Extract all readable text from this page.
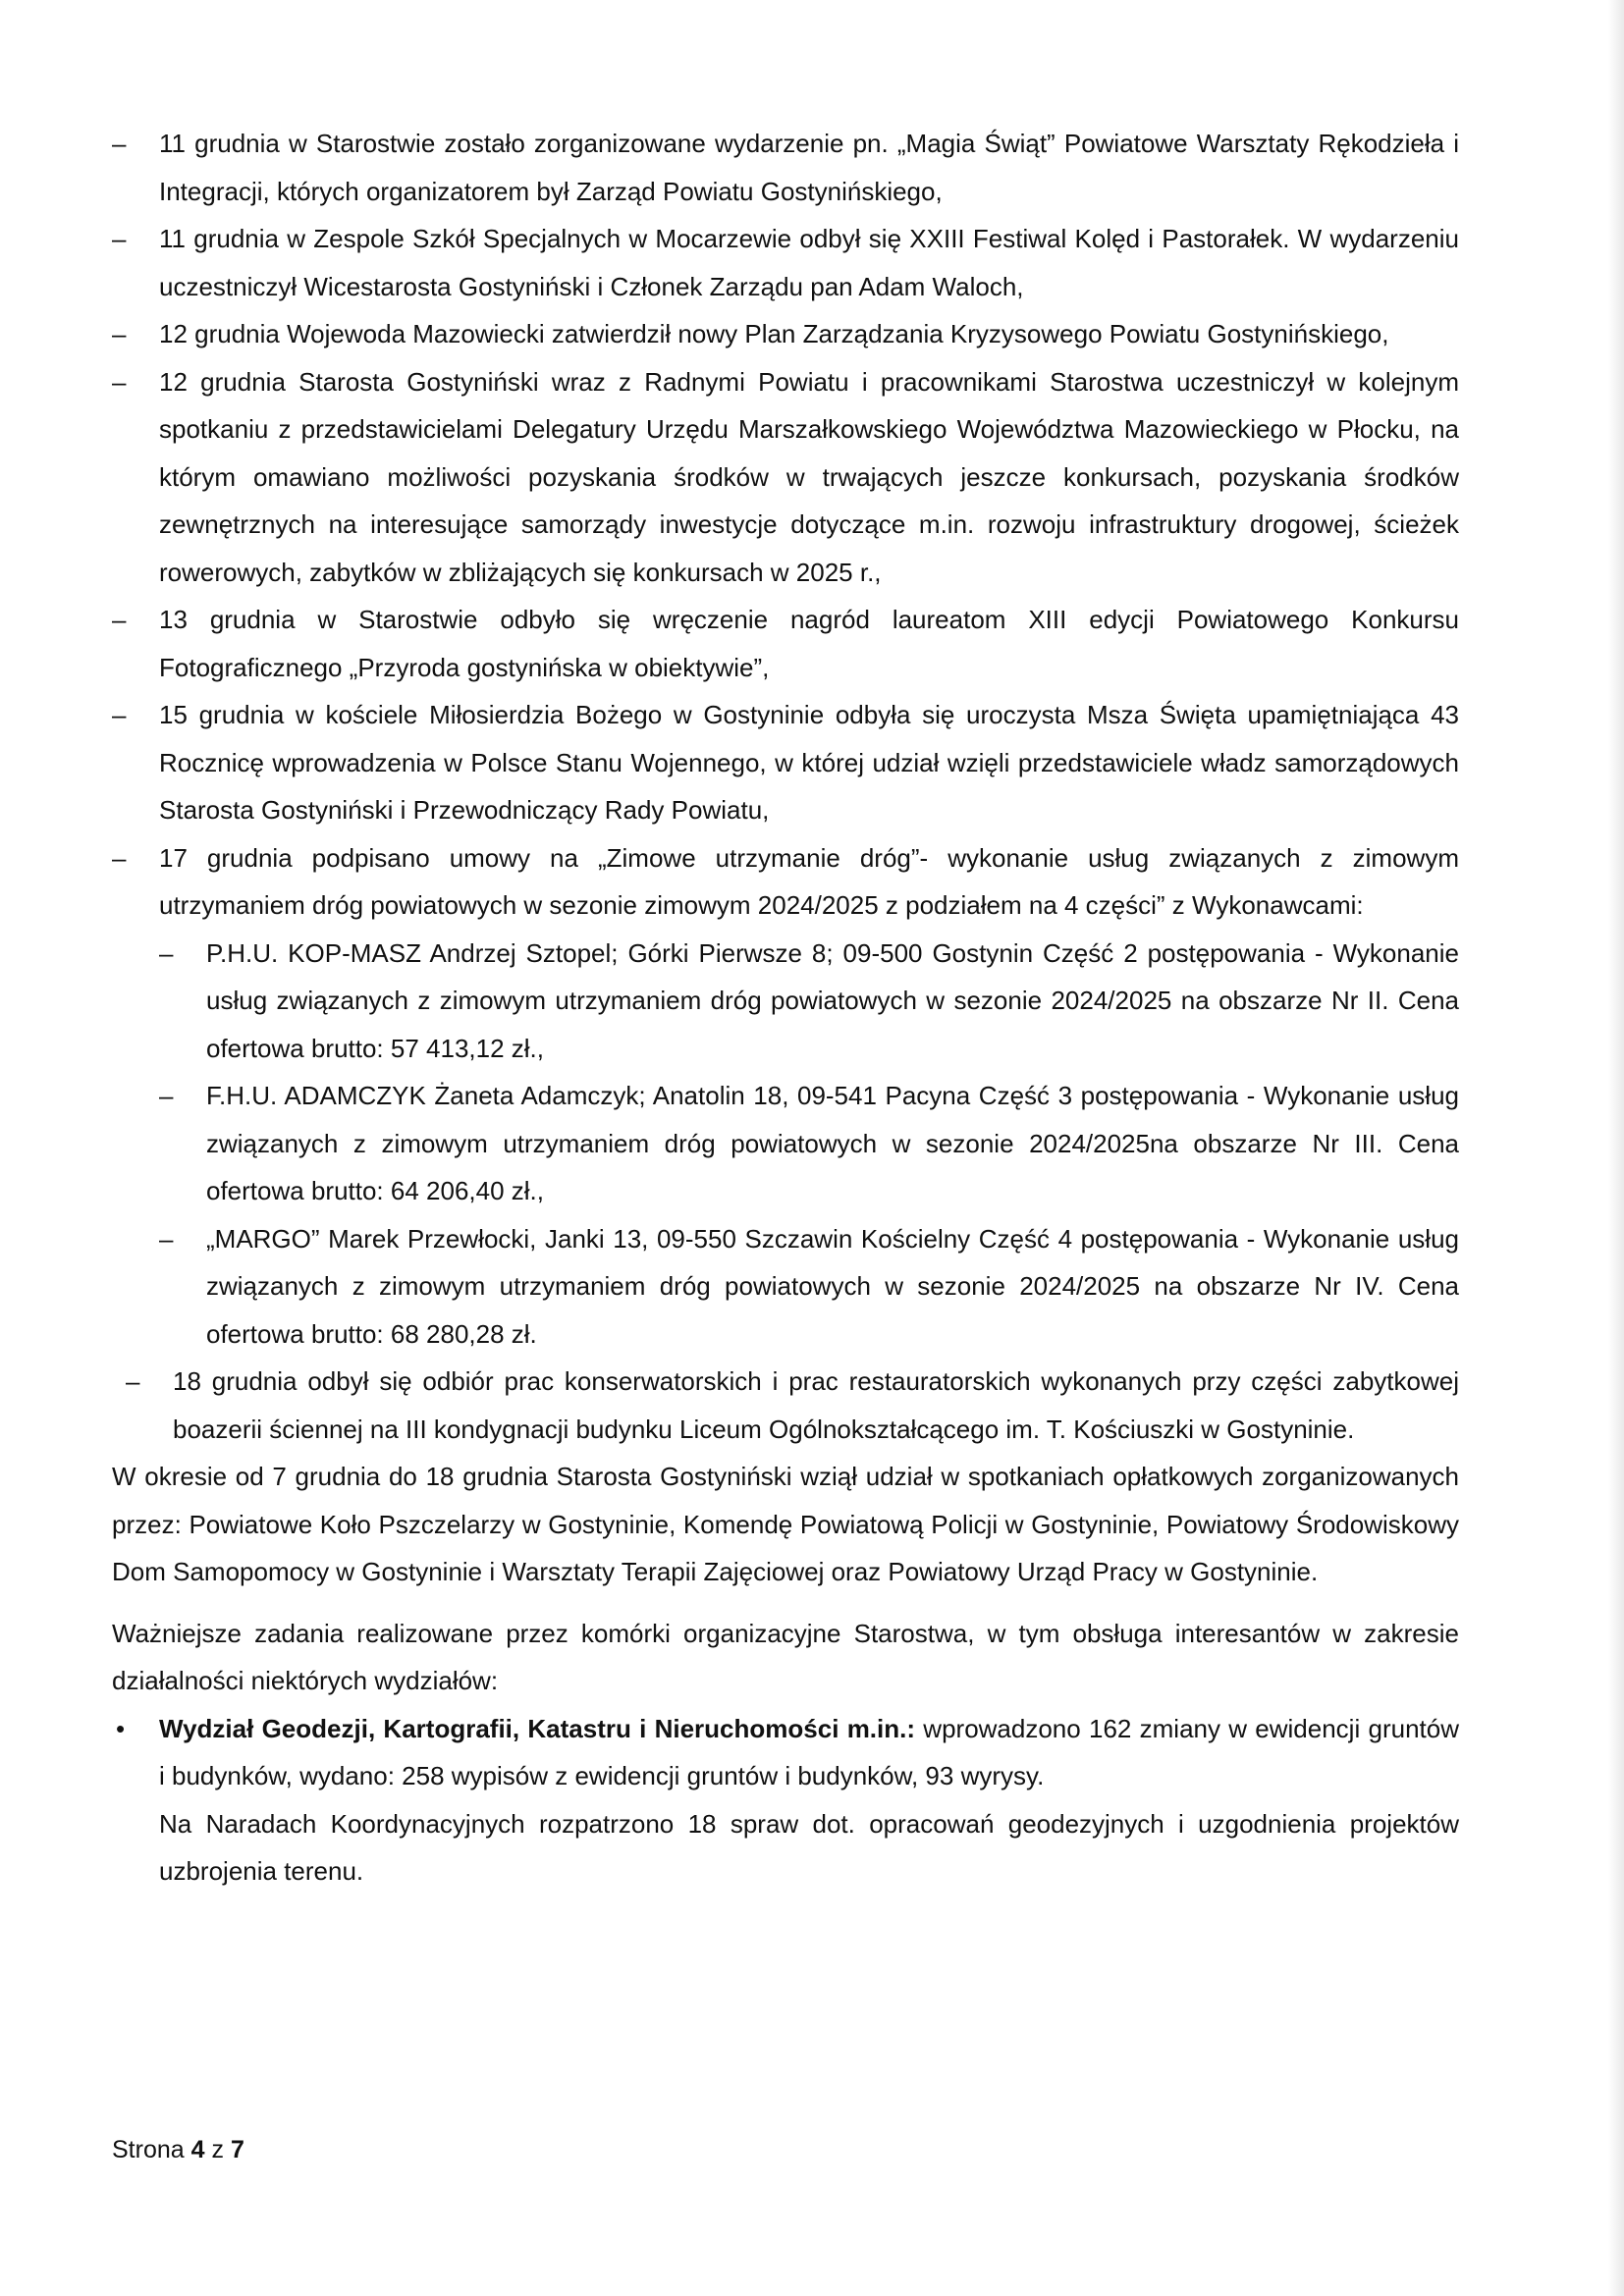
– 11 grudnia w Starostwie zostało zorganizowane wydarzenie pn. „Magia Świąt” Powiatowe Warsztaty Rękodzieła i Integracji, których organizatorem był Zarząd Powiatu Gostynińskiego,
– 11 grudnia w Zespole Szkół Specjalnych w Mocarzewie odbył się XXIII Festiwal Kolęd i Pastorałek. W wydarzeniu uczestniczył Wicestarosta Gostyniński i Członek Zarządu pan Adam Waloch,
– 12 grudnia Wojewoda Mazowiecki zatwierdził nowy Plan Zarządzania Kryzysowego Powiatu Gostynińskiego,
– 12 grudnia Starosta Gostyniński wraz z Radnymi Powiatu i pracownikami Starostwa uczestniczył w kolejnym spotkaniu z przedstawicielami Delegatury Urzędu Marszałkowskiego Województwa Mazowieckiego w Płocku, na którym omawiano możliwości pozyskania środków w trwających jeszcze konkursach, pozyskania środków zewnętrznych na interesujące samorządy inwestycje dotyczące m.in. rozwoju infrastruktury drogowej, ścieżek rowerowych, zabytków w zbliżających się konkursach w 2025 r.,
– 13 grudnia w Starostwie odbyło się wręczenie nagród laureatom XIII edycji Powiatowego Konkursu Fotograficznego „Przyroda gostynińska w obiektywie”,
– 15 grudnia w kościele Miłosierdzia Bożego w Gostyninie odbyła się uroczysta Msza Święta upamiętniająca 43 Rocznicę wprowadzenia w Polsce Stanu Wojennego, w której udział wzięli przedstawiciele władz samorządowych Starosta Gostyniński i Przewodniczący Rady Powiatu,
– 17 grudnia podpisano umowy na „Zimowe utrzymanie dróg”- wykonanie usług związanych z zimowym utrzymaniem dróg powiatowych w sezonie zimowym 2024/2025 z podziałem na 4 części” z Wykonawcami:
– P.H.U. KOP-MASZ Andrzej Sztopel; Górki Pierwsze 8; 09-500 Gostynin Część 2 postępowania - Wykonanie usług związanych z zimowym utrzymaniem dróg powiatowych w sezonie 2024/2025 na obszarze Nr II. Cena ofertowa brutto: 57 413,12 zł.,
– F.H.U. ADAMCZYK Żaneta Adamczyk; Anatolin 18, 09-541 Pacyna Część 3 postępowania - Wykonanie usług związanych z zimowym utrzymaniem dróg powiatowych w sezonie 2024/2025na obszarze Nr III. Cena ofertowa brutto: 64 206,40 zł.,
– „MARGO” Marek Przewłocki, Janki 13, 09-550 Szczawin Kościelny Część 4 postępowania - Wykonanie usług związanych z zimowym utrzymaniem dróg powiatowych w sezonie 2024/2025 na obszarze Nr IV. Cena ofertowa brutto: 68 280,28 zł.
– 18 grudnia odbył się odbiór prac konserwatorskich i prac restauratorskich wykonanych przy części zabytkowej boazerii ściennej na III kondygnacji budynku Liceum Ogólnokształcącego im. T. Kościuszki w Gostyninie.
W okresie od 7 grudnia do 18 grudnia Starosta Gostyniński wziął udział w spotkaniach opłatkowych zorganizowanych przez: Powiatowe Koło Pszczelarzy w Gostyninie, Komendę Powiatową Policji w Gostyninie, Powiatowy Środowiskowy Dom Samopomocy w Gostyninie i Warsztaty Terapii Zajęciowej oraz Powiatowy Urząd Pracy w Gostyninie.
Ważniejsze zadania realizowane przez komórki organizacyjne Starostwa, w tym obsługa interesantów w zakresie działalności niektórych wydziałów:
• Wydział Geodezji, Kartografii, Katastru i Nieruchomości m.in.: wprowadzono 162 zmiany w ewidencji gruntów i budynków, wydano: 258 wypisów z ewidencji gruntów i budynków, 93 wyrysy.

Na Naradach Koordynacyjnych rozpatrzono 18 spraw dot. opracowań geodezyjnych i uzgodnienia projektów uzbrojenia terenu.

Strona 4 z 7
